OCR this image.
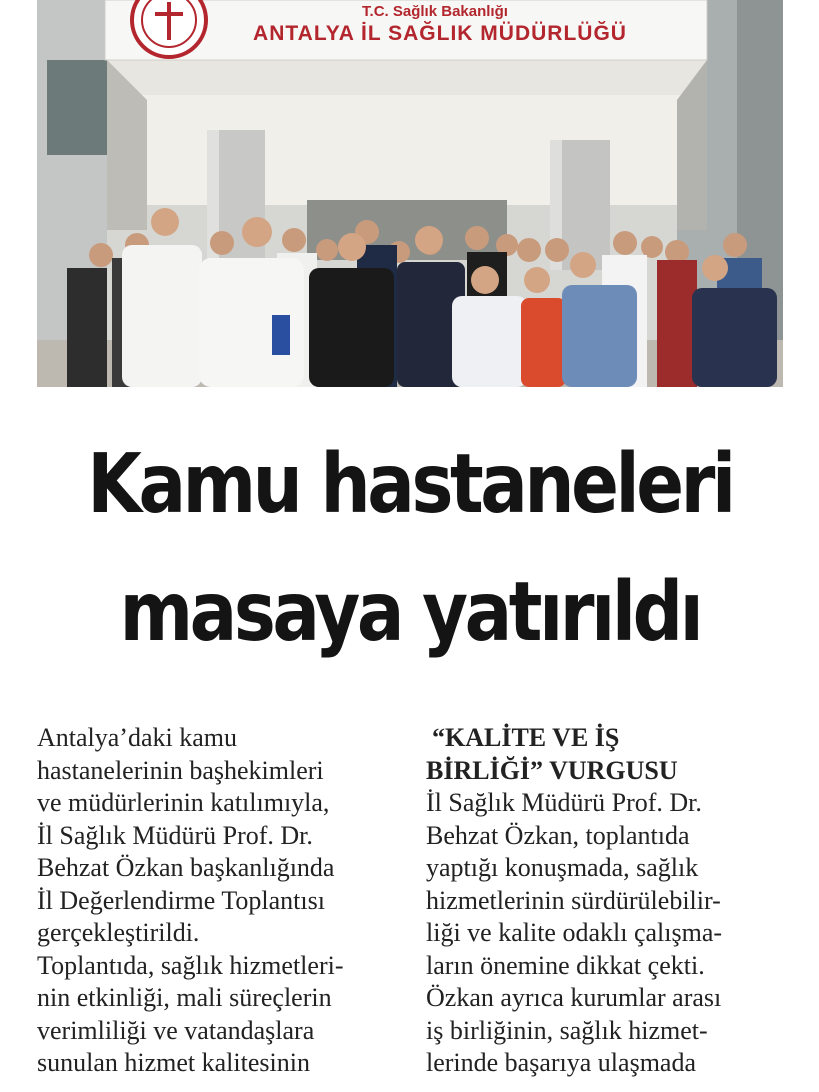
T.C. Sağlık Bakanlığı
ANTALYA İL SAĞLIK MÜDÜRLÜĞÜ
Kamu hastaneleri
masaya yatırıldı

Antalya’daki kamu

hastanelerinin başhekimleri

ve müdürlerinin katılımıyla,

İl Sağlık Müdürü Prof. Dr.

Behzat Özkan başkanlığında

İl Değerlendirme Toplantısı

gerçekleştirildi.

Toplantıda, sağlık hizmetleri-

nin etkinliği, mali süreçlerin

verimliliği ve vatandaşlara

sunulan hizmet kalitesinin

“KALİTE VE İŞ

BİRLİĞİ” VURGUSU

İl Sağlık Müdürü Prof. Dr.

Behzat Özkan, toplantıda

yaptığı konuşmada, sağlık

hizmetlerinin sürdürülebilir-

liği ve kalite odaklı çalışma-

ların önemine dikkat çekti.

Özkan ayrıca kurumlar arası

iş birliğinin, sağlık hizmet-

lerinde başarıya ulaşmada
